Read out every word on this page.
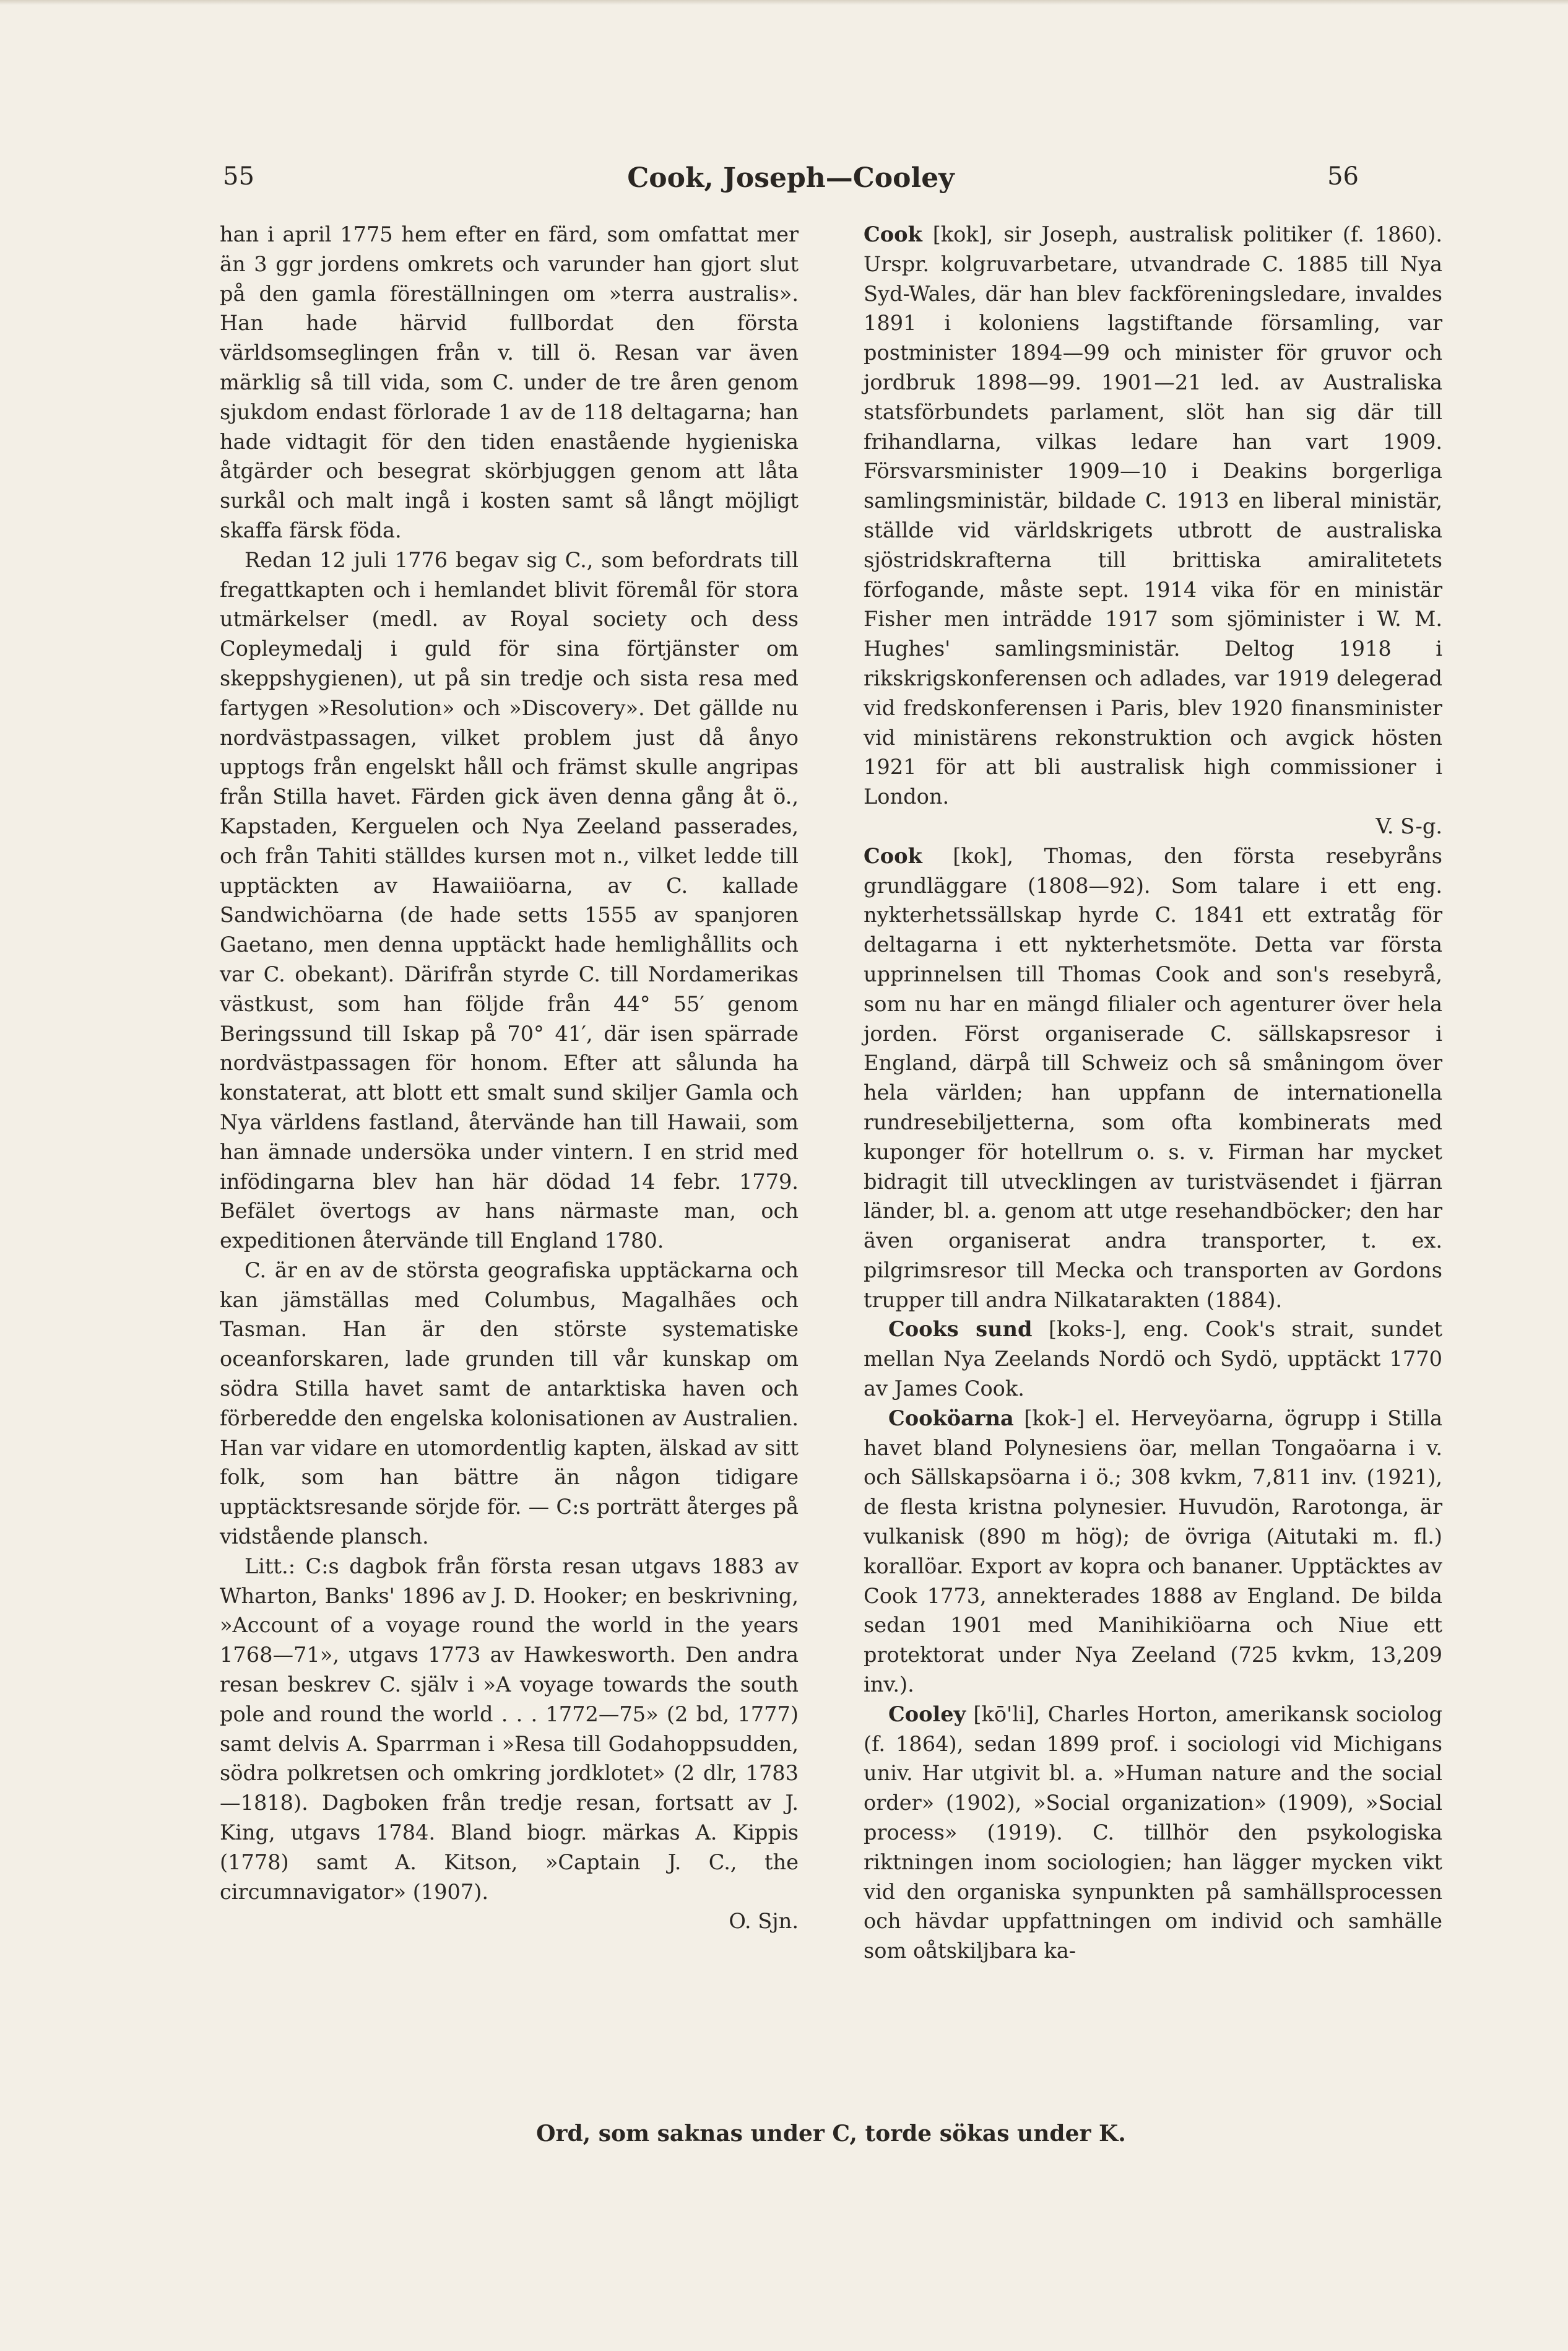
55	Cook, Joseph—Cooley	56

han i april 1775 hem efter en färd, som omfattat mer än 3 ggr jordens omkrets och varunder han gjort slut på den gamla föreställningen om »terra australis». Han hade härvid fullbordat den första världsomseglingen från v. till ö. Resan var även märklig så till vida, som C. under de tre åren genom sjukdom endast förlorade 1 av de 118 deltagarna; han hade vidtagit för den tiden enastående hygieniska åtgärder och besegrat skörbjuggen genom att låta surkål och malt ingå i kosten samt så långt möjligt skaffa färsk föda.

Redan 12 juli 1776 begav sig C., som befordrats till fregattkapten och i hemlandet blivit föremål för stora utmärkelser (medl. av Royal society och dess Copleymedalj i guld för sina förtjänster om skeppshygienen), ut på sin tredje och sista resa med fartygen »Resolution» och »Discovery». Det gällde nu nordvästpassagen, vilket problem just då ånyo upptogs från engelskt håll och främst skulle angripas från Stilla havet. Färden gick även denna gång åt ö., Kapstaden, Kerguelen och Nya Zeeland passerades, och från Tahiti ställdes kursen mot n., vilket ledde till upptäckten av Hawaiiöarna, av C. kallade Sandwichöarna (de hade setts 1555 av spanjoren Gaetano, men denna upptäckt hade hemlighållits och var C. obekant). Därifrån styrde C. till Nordamerikas västkust, som han följde från 44° 55′ genom Beringssund till Iskap på 70° 41′, där isen spärrade nordvästpassagen för honom. Efter att sålunda ha konstaterat, att blott ett smalt sund skiljer Gamla och Nya världens fastland, återvände han till Hawaii, som han ämnade undersöka under vintern. I en strid med infödingarna blev han här dödad 14 febr. 1779. Befälet övertogs av hans närmaste man, och expeditionen återvände till England 1780.

C. är en av de största geografiska upptäckarna och kan jämställas med Columbus, Magalhães och Tasman. Han är den störste systematiske oceanforskaren, lade grunden till vår kunskap om södra Stilla havet samt de antarktiska haven och förberedde den engelska kolonisationen av Australien. Han var vidare en utomordentlig kapten, älskad av sitt folk, som han bättre än någon tidigare upptäcktsresande sörjde för. — C:s porträtt återges på vidstående plansch.

Litt.: C:s dagbok från första resan utgavs 1883 av Wharton, Banks' 1896 av J. D. Hooker; en beskrivning, »Account of a voyage round the world in the years 1768—71», utgavs 1773 av Hawkesworth. Den andra resan beskrev C. själv i »A voyage towards the south pole and round the world . . . 1772—75» (2 bd, 1777) samt delvis A. Sparrman i »Resa till Godahoppsudden, södra polkretsen och omkring jordklotet» (2 dlr, 1783—1818). Dagboken från tredje resan, fortsatt av J. King, utgavs 1784. Bland biogr. märkas A. Kippis (1778) samt A. Kitson, »Captain J. C., the circumnavigator» (1907).

O. Sjn.

Cook [kok], sir Joseph, australisk politiker (f. 1860). Urspr. kolgruvarbetare, utvandrade C. 1885 till Nya Syd-Wales, där han blev fackföreningsledare, invaldes 1891 i koloniens lagstiftande församling, var postminister 1894—99 och minister för gruvor och jordbruk 1898—99. 1901—21 led. av Australiska statsförbundets parlament, slöt han sig där till frihandlarna, vilkas ledare han vart 1909. Försvarsminister 1909—10 i Deakins borgerliga samlingsministär, bildade C. 1913 en liberal ministär, ställde vid världskrigets utbrott de australiska sjöstridskrafterna till brittiska amiralitetets förfogande, måste sept. 1914 vika för en ministär Fisher men inträdde 1917 som sjöminister i W. M. Hughes' samlingsministär. Deltog 1918 i rikskrigskonferensen och adlades, var 1919 delegerad vid fredskonferensen i Paris, blev 1920 finansminister vid ministärens rekonstruktion och avgick hösten 1921 för att bli australisk high commissioner i London.

V. S-g.

Cook [kok], Thomas, den första resebyråns grundläggare (1808—92). Som talare i ett eng. nykterhetssällskap hyrde C. 1841 ett extratåg för deltagarna i ett nykterhetsmöte. Detta var första upprinnelsen till Thomas Cook and son's resebyrå, som nu har en mängd filialer och agenturer över hela jorden. Först organiserade C. sällskapsresor i England, därpå till Schweiz och så småningom över hela världen; han uppfann de internationella rundresebiljetterna, som ofta kombinerats med kuponger för hotellrum o. s. v. Firman har mycket bidragit till utvecklingen av turistväsendet i fjärran länder, bl. a. genom att utge resehandböcker; den har även organiserat andra transporter, t. ex. pilgrimsresor till Mecka och transporten av Gordons trupper till andra Nilkatarakten (1884).

Cooks sund [koks-], eng. Cook's strait, sundet mellan Nya Zeelands Nordö och Sydö, upptäckt 1770 av James Cook.

Cooköarna [kok-] el. Herveyöarna, ögrupp i Stilla havet bland Polynesiens öar, mellan Tongaöarna i v. och Sällskapsöarna i ö.; 308 kvkm, 7,811 inv. (1921), de flesta kristna polynesier. Huvudön, Rarotonga, är vulkanisk (890 m hög); de övriga (Aitutaki m. fl.) korallöar. Export av kopra och bananer. Upptäcktes av Cook 1773, annekterades 1888 av England. De bilda sedan 1901 med Manihikiöarna och Niue ett protektorat under Nya Zeeland (725 kvkm, 13,209 inv.).

Cooley [kō'li], Charles Horton, amerikansk sociolog (f. 1864), sedan 1899 prof. i sociologi vid Michigans univ. Har utgivit bl. a. »Human nature and the social order» (1902), »Social organization» (1909), »Social process» (1919). C. tillhör den psykologiska riktningen inom sociologien; han lägger mycken vikt vid den organiska synpunkten på samhällsprocessen och hävdar uppfattningen om individ och samhälle som oåtskiljbara ka-

Ord, som saknas under C, torde sökas under K.
